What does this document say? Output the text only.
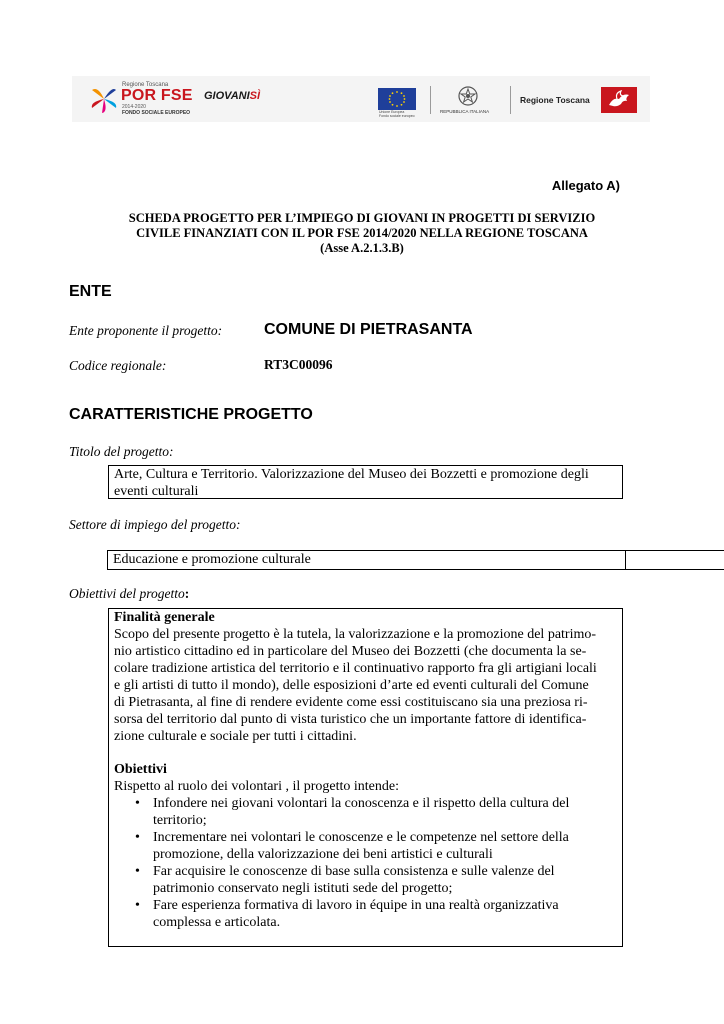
Regione Toscana
POR FSE
2014-2020
FONDO SOCIALE EUROPEO
GIOVANISÌ
Unione Europea
Fondo sociale europeo
REPUBBLICA ITALIANA
Regione Toscana
Allegato A)
SCHEDA PROGETTO PER L’IMPIEGO DI GIOVANI IN PROGETTI DI SERVIZIO
CIVILE FINANZIATI CON IL POR FSE 2014/2020 NELLA REGIONE TOSCANA
(Asse A.2.1.3.B)
ENTE
Ente proponente il progetto:	COMUNE DI PIETRASANTA
Codice regionale:	RT3C00096
CARATTERISTICHE PROGETTO
Titolo del progetto:
Arte, Cultura e Territorio. Valorizzazione del Museo dei Bozzetti e promozione degli
eventi culturali
Settore di impiego del progetto:
Educazione e promozione culturale
Obiettivi del progetto:
Finalità generale
Scopo del presente progetto è la tutela, la valorizzazione e la promozione del patrimo-
nio artistico cittadino ed in particolare del Museo dei Bozzetti (che documenta la se-
colare tradizione artistica del territorio e il continuativo rapporto fra gli artigiani locali
e gli artisti di tutto il mondo), delle esposizioni d’arte ed eventi culturali del Comune
di Pietrasanta, al fine di rendere evidente come essi costituiscano sia una preziosa ri-
sorsa del territorio dal punto di vista turistico che un importante fattore di identifica-
zione culturale e sociale per tutti i cittadini.
Obiettivi
Rispetto al ruolo dei volontari , il progetto intende:
• Infondere nei giovani volontari la conoscenza e il rispetto della cultura del
territorio;
• Incrementare nei volontari le conoscenze e le competenze nel settore della
promozione, della valorizzazione dei beni artistici e culturali
• Far acquisire le conoscenze di base sulla consistenza e sulle valenze del
patrimonio conservato negli istituti sede del progetto;
• Fare esperienza formativa di lavoro in équipe in una realtà organizzativa
complessa e articolata.
